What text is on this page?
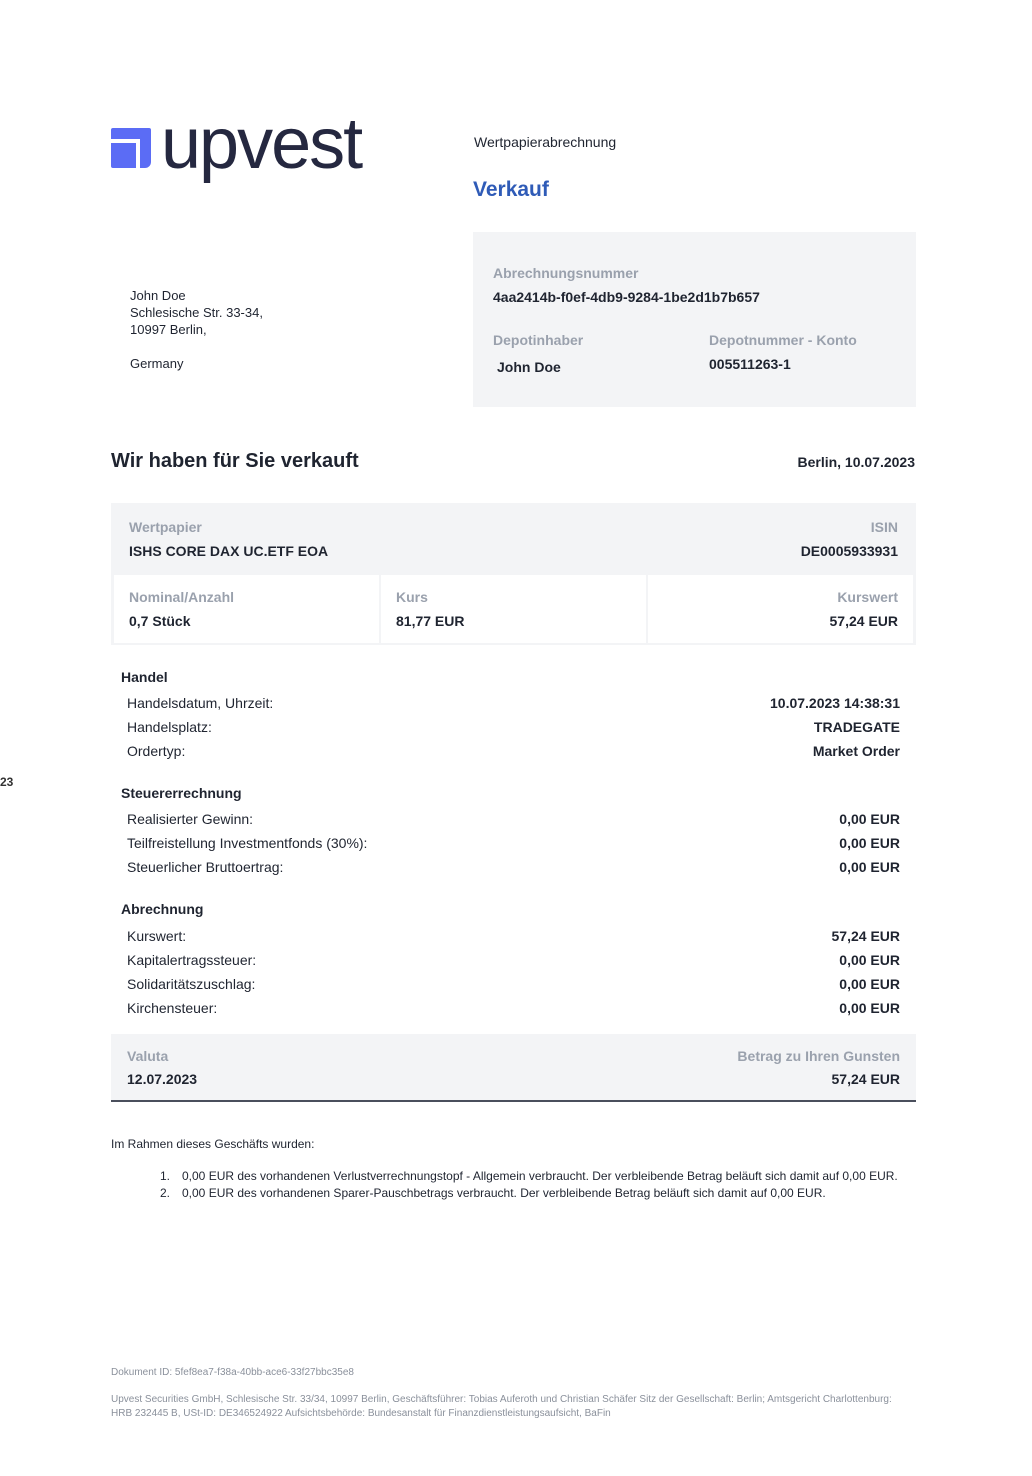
upvest	Wertpapierabrechnung
Verkauf
Abrechnungsnummer
4aa2414b-f0ef-4db9-9284-1be2d1b7b657
Depotinhaber
John Doe
Depotnummer - Konto
005511263-1
John Doe
Schlesische Str. 33-34,
10997 Berlin,
Germany
Wir haben für Sie verkauft	Berlin, 10.07.2023
Wertpapier
ISHS CORE DAX UC.ETF EOA
ISIN
DE0005933931
Nominal/Anzahl
0,7 Stück
Kurs
81,77 EUR
Kurswert
57,24 EUR
Handel
Handelsdatum, Uhrzeit:	10.07.2023 14:38:31
Handelsplatz:	TRADEGATE
Ordertyp:	Market Order
Steuererrechnung
Realisierter Gewinn:	0,00 EUR
Teilfreistellung Investmentfonds (30%):	0,00 EUR
Steuerlicher Bruttoertrag:	0,00 EUR
Abrechnung
Kurswert:	57,24 EUR
Kapitalertragssteuer:	0,00 EUR
Solidaritätszuschlag:	0,00 EUR
Kirchensteuer:	0,00 EUR
Valuta
12.07.2023
Betrag zu Ihren Gunsten
57,24 EUR
Im Rahmen dieses Geschäfts wurden:
1. 0,00 EUR des vorhandenen Verlustverrechnungstopf - Allgemein verbraucht. Der verbleibende Betrag beläuft sich damit auf 0,00 EUR.
2. 0,00 EUR des vorhandenen Sparer-Pauschbetrags verbraucht. Der verbleibende Betrag beläuft sich damit auf 0,00 EUR.
Dokument ID: 5fef8ea7-f38a-40bb-ace6-33f27bbc35e8
Upvest Securities GmbH, Schlesische Str. 33/34, 10997 Berlin, Geschäftsführer: Tobias Auferoth und Christian Schäfer Sitz der Gesellschaft: Berlin; Amtsgericht Charlottenburg: HRB 232445 B, USt-ID: DE346524922 Aufsichtsbehörde: Bundesanstalt für Finanzdienstleistungsaufsicht, BaFin
23
